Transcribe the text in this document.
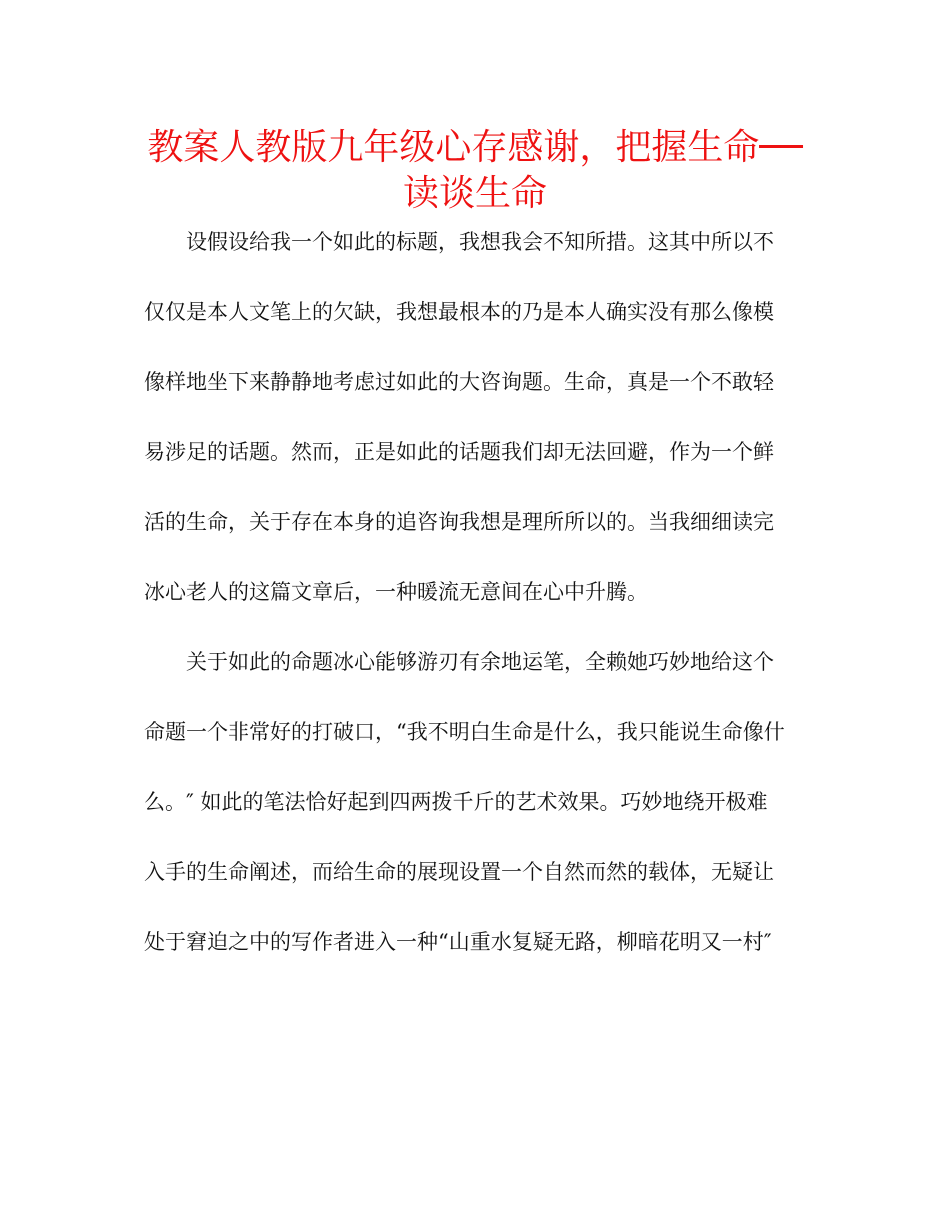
教案人教版九年级心存感谢，把握生命──
读谈生命

设假设给我一个如此的标题，我想我会不知所措。这其中所以不

仅仅是本人文笔上的欠缺，我想最根本的乃是本人确实没有那么像模

像样地坐下来静静地考虑过如此的大咨询题。生命，真是一个不敢轻

易涉足的话题。然而，正是如此的话题我们却无法回避，作为一个鲜

活的生命，关于存在本身的追咨询我想是理所所以的。当我细细读完

冰心老人的这篇文章后，一种暖流无意间在心中升腾。

关于如此的命题冰心能够游刃有余地运笔，全赖她巧妙地给这个

命题一个非常好的打破口，“我不明白生命是什么，我只能说生命像什

么。″ 如此的笔法恰好起到四两拨千斤的艺术效果。巧妙地绕开极难

入手的生命阐述，而给生命的展现设置一个自然而然的载体，无疑让

处于窘迫之中的写作者进入一种“山重水复疑无路，柳暗花明又一村″
